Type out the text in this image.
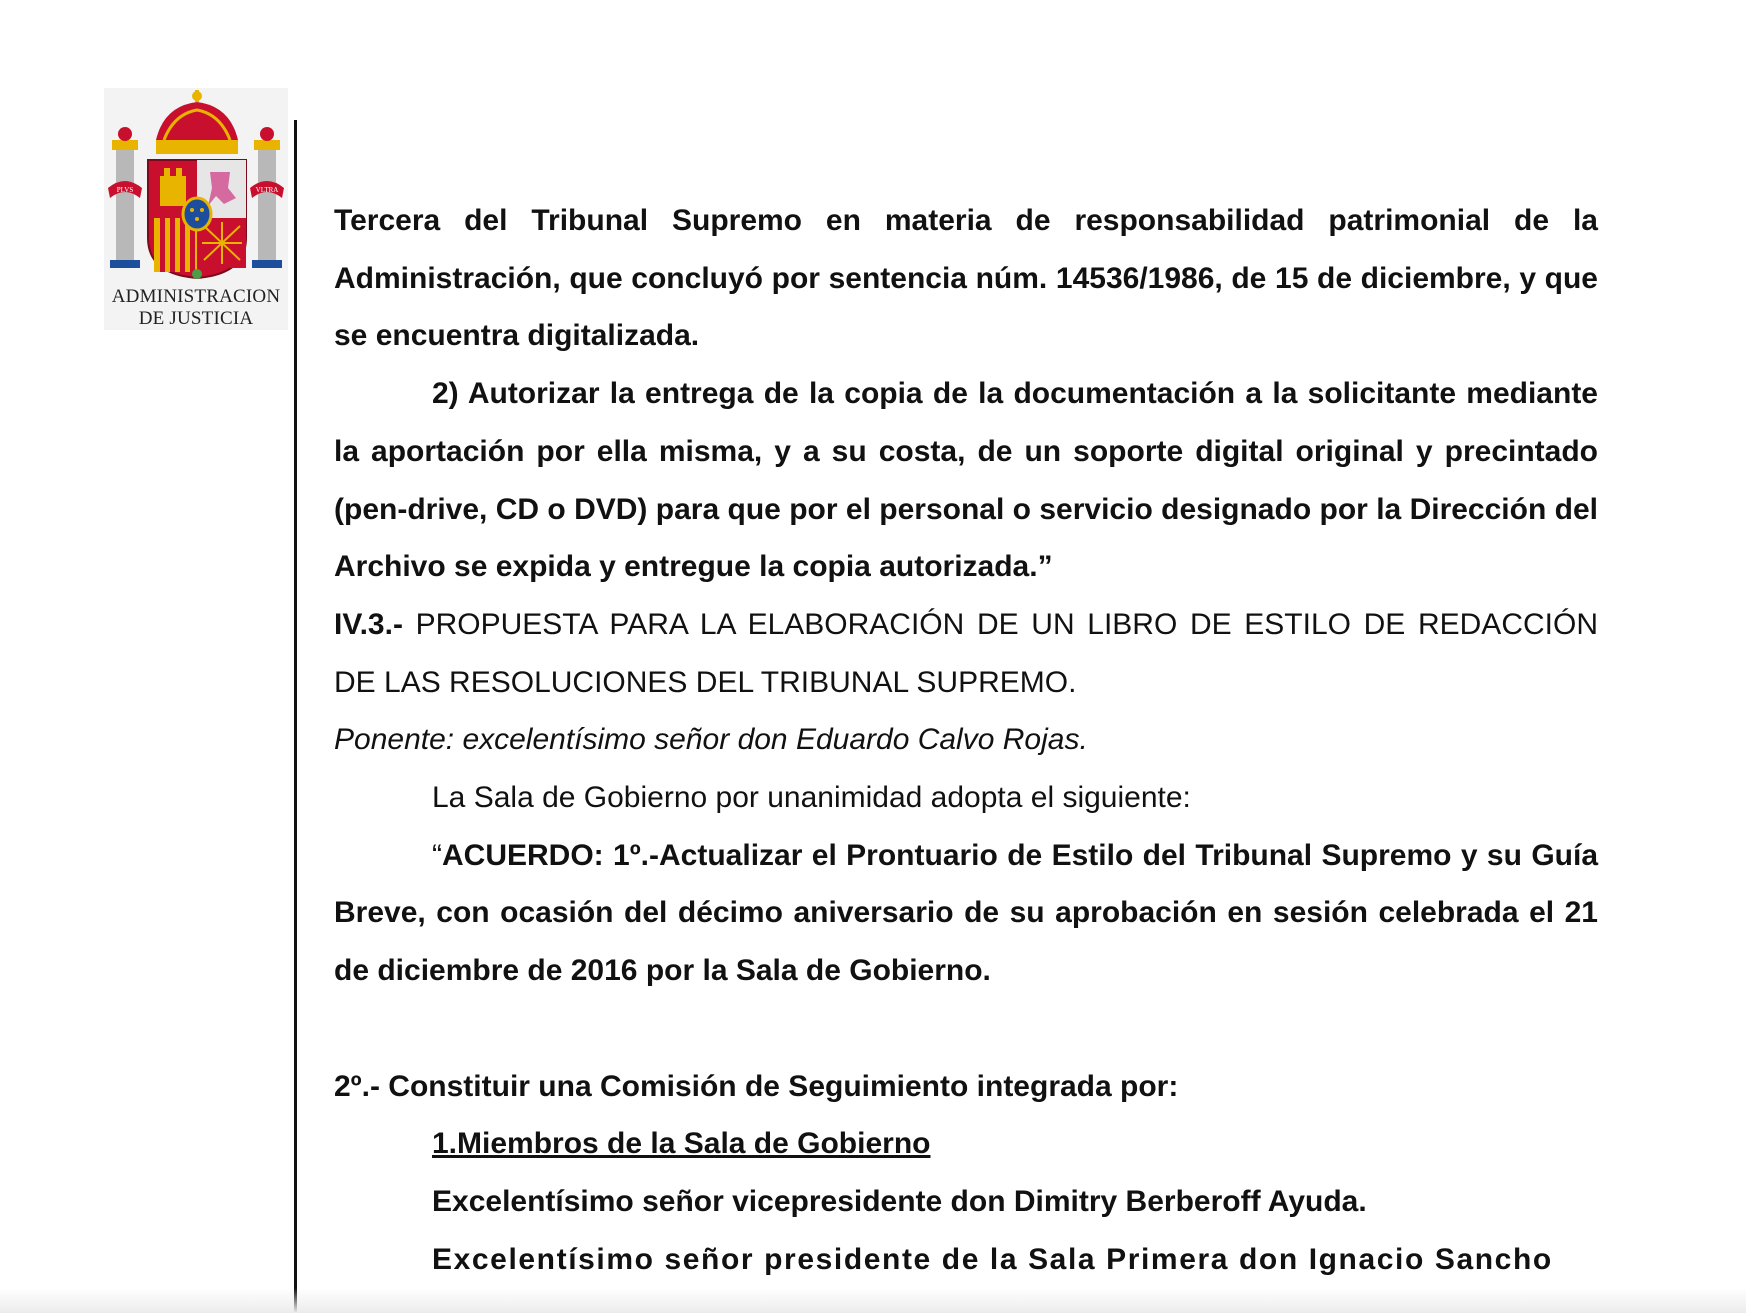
PLVS	VLTRA
ADMINISTRACION
DE JUSTICIA

Tercera del Tribunal Supremo en materia de responsabilidad patrimonial de la Administración, que concluyó por sentencia núm. 14536/1986, de 15 de diciembre, y que se encuentra digitalizada.

2) Autorizar la entrega de la copia de la documentación a la solicitante mediante la aportación por ella misma, y a su costa, de un soporte digital original y precintado (pen-drive, CD o DVD) para que por el personal o servicio designado por la Dirección del Archivo se expida y entregue la copia autorizada.”

IV.3.- PROPUESTA PARA LA ELABORACIÓN DE UN LIBRO DE ESTILO DE REDACCIÓN DE LAS RESOLUCIONES DEL TRIBUNAL SUPREMO.

Ponente: excelentísimo señor don Eduardo Calvo Rojas.

La Sala de Gobierno por unanimidad adopta el siguiente:

“ACUERDO: 1º.-Actualizar el Prontuario de Estilo del Tribunal Supremo y su Guía Breve, con ocasión del décimo aniversario de su aprobación en sesión celebrada el 21 de diciembre de 2016 por la Sala de Gobierno.

2º.- Constituir una Comisión de Seguimiento integrada por:

1.Miembros de la Sala de Gobierno

Excelentísimo señor vicepresidente don Dimitry Berberoff Ayuda.

Excelentísimo señor presidente de la Sala Primera don Ignacio Sancho
